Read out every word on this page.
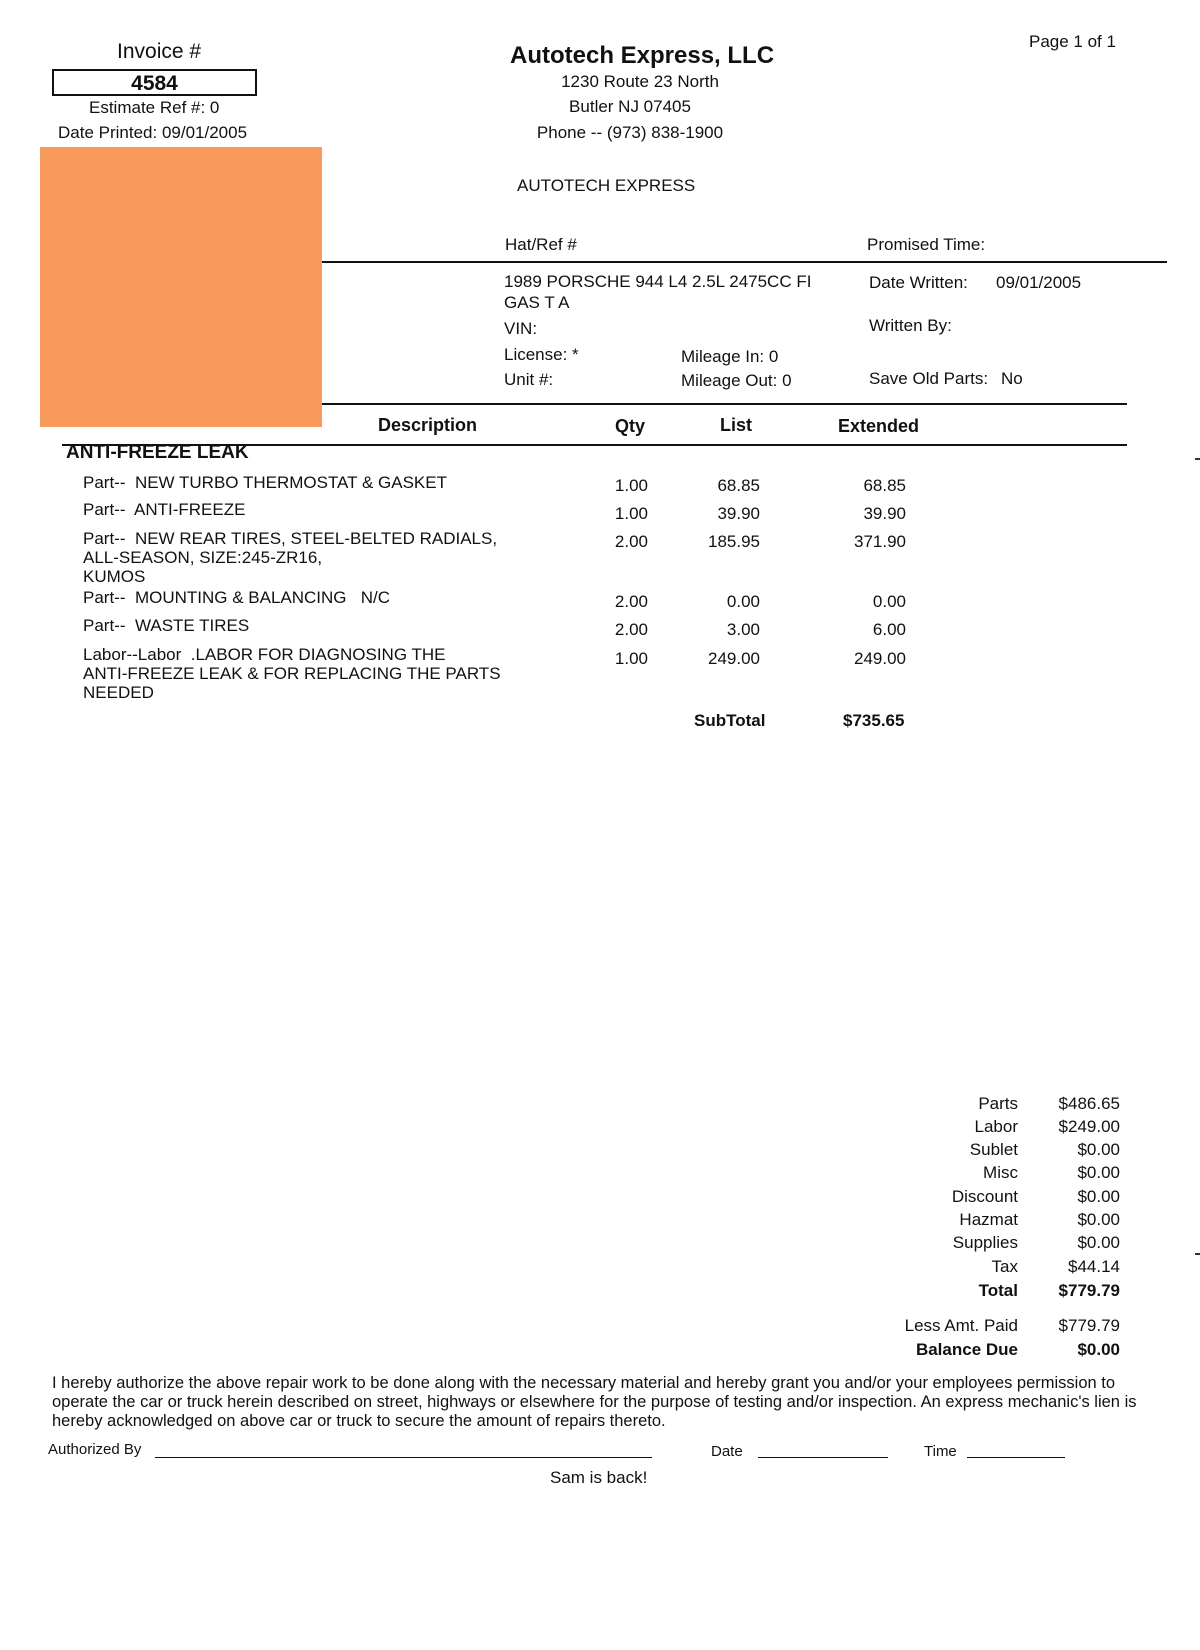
Invoice #
4584
Estimate Ref #: 0
Date Printed: 09/01/2005
Autotech Express, LLC
1230 Route 23 North
Butler NJ 07405
Phone -- (973) 838-1900
AUTOTECH EXPRESS
Page 1 of 1
Hat/Ref #	Promised Time:
1989 PORSCHE 944 L4 2.5L 2475CC FI
GAS T A
VIN:
License: *
Unit #:
Mileage In: 0
Mileage Out: 0
Date Written: 09/01/2005
Written By:
Save Old Parts: No
Description	Qty	List	Extended
ANTI-FREEZE LEAK
Part--  NEW TURBO THERMOSTAT & GASKET	1.00	68.85	68.85
Part--  ANTI-FREEZE	1.00	39.90	39.90
Part--  NEW REAR TIRES, STEEL-BELTED RADIALS,
ALL-SEASON, SIZE:245-ZR16,
KUMOS
2.00	185.95	371.90
Part--  MOUNTING & BALANCING   N/C	2.00	0.00	0.00
Part--  WASTE TIRES	2.00	3.00	6.00
Labor--Labor  .LABOR FOR DIAGNOSING THE
ANTI-FREEZE LEAK & FOR REPLACING THE PARTS
NEEDED
1.00	249.00	249.00
SubTotal	$735.65
Parts $486.65
Labor $249.00
Sublet	$0.00
Misc	$0.00
Discount	$0.00
Hazmat	$0.00
Supplies	$0.00
Tax	$44.14
Total $779.79
Less Amt. Paid $779.79
Balance Due	$0.00
I hereby authorize the above repair work to be done along with the necessary material and hereby grant you and/or your employees permission to operate the car or truck herein described on street, highways or elsewhere for the purpose of testing and/or inspection. An express mechanic's lien is hereby acknowledged on above car or truck to secure the amount of repairs thereto.
Authorized By	Date	Time
Sam is back!
